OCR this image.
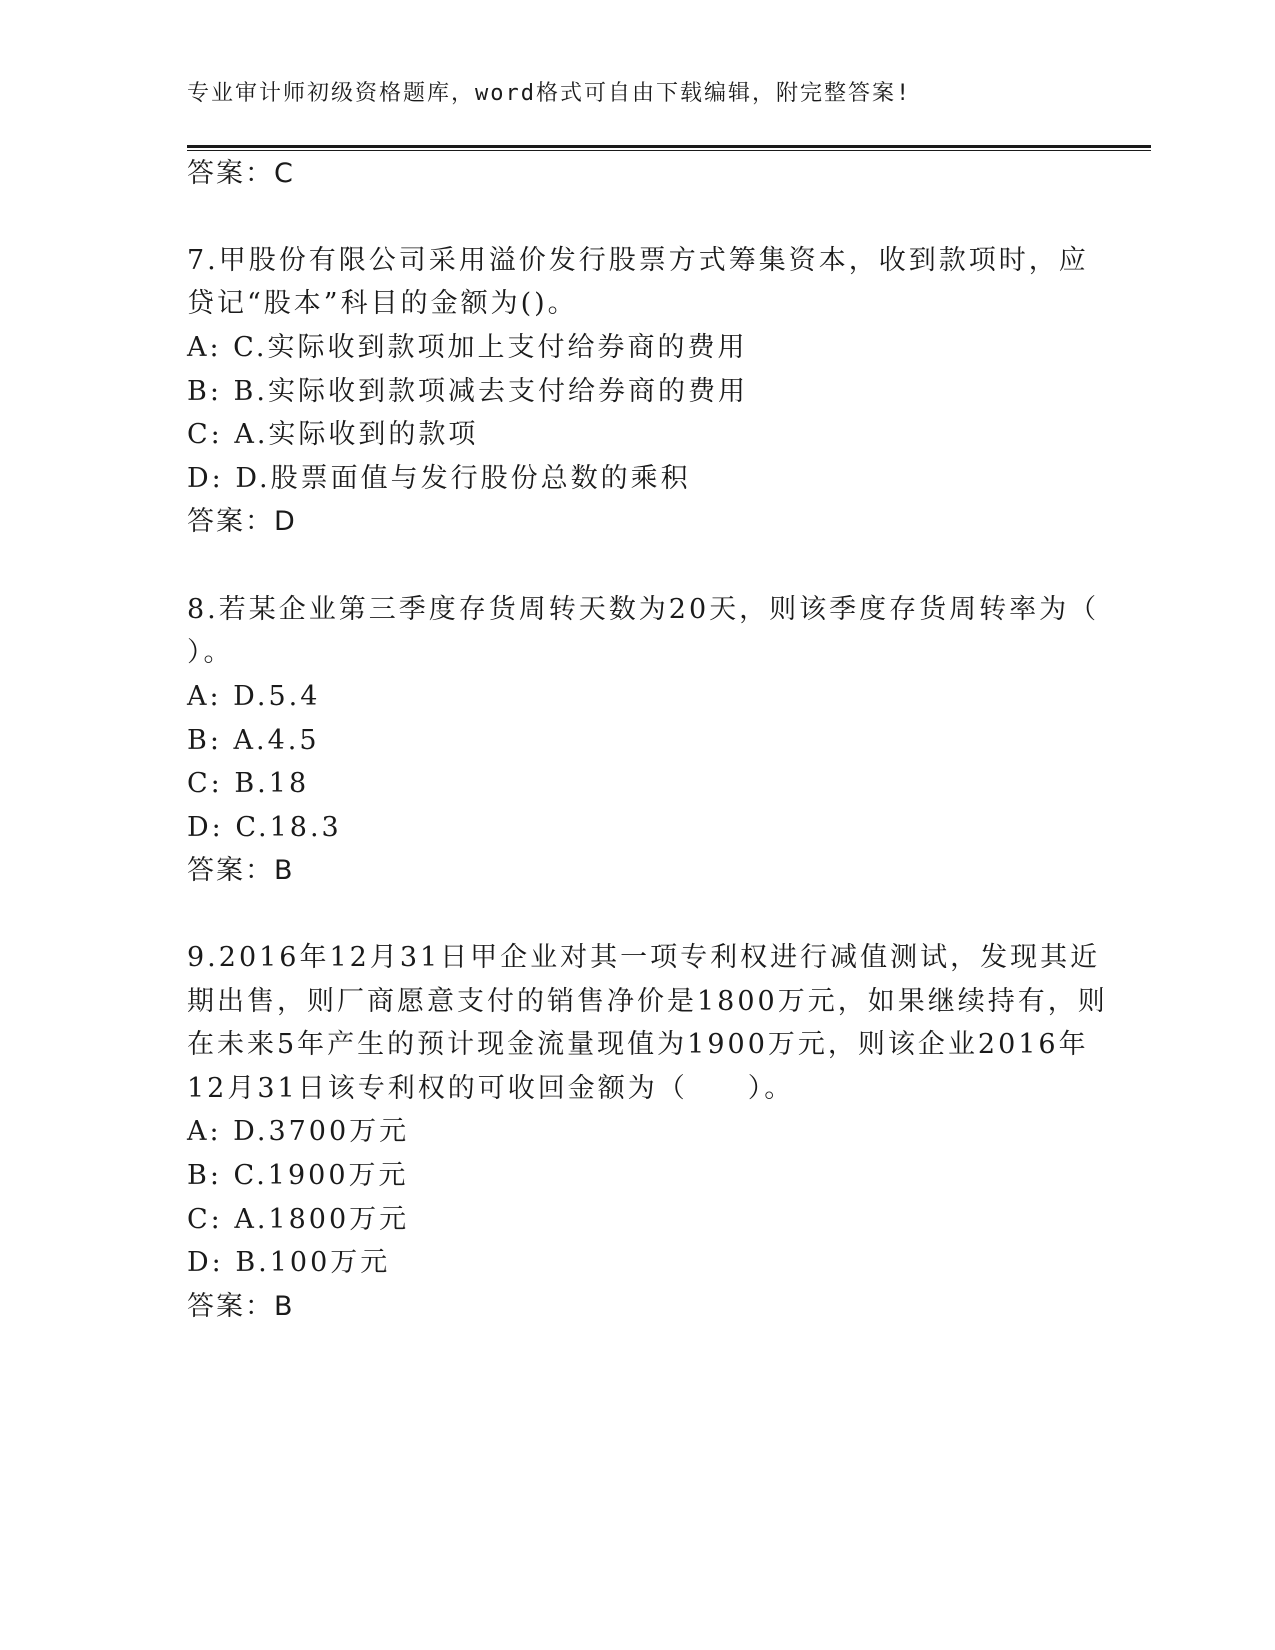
专业审计师初级资格题库，word格式可自由下载编辑，附完整答案!
答案：C
7.甲股份有限公司采用溢价发行股票方式筹集资本，收到款项时，应
贷记“股本”科目的金额为()。
A: C.实际收到款项加上支付给券商的费用
B: B.实际收到款项减去支付给券商的费用
C: A.实际收到的款项
D: D.股票面值与发行股份总数的乘积
答案：D
8.若某企业第三季度存货周转天数为20天，则该季度存货周转率为（
）。
A: D.5.4
B: A.4.5
C: B.18
D: C.18.3
答案：B
9.2016年12月31日甲企业对其一项专利权进行减值测试，发现其近
期出售，则厂商愿意支付的销售净价是1800万元，如果继续持有，则
在未来5年产生的预计现金流量现值为1900万元，则该企业2016年
12月31日该专利权的可收回金额为（　　）。
A: D.3700万元
B: C.1900万元
C: A.1800万元
D: B.100万元
答案：B
